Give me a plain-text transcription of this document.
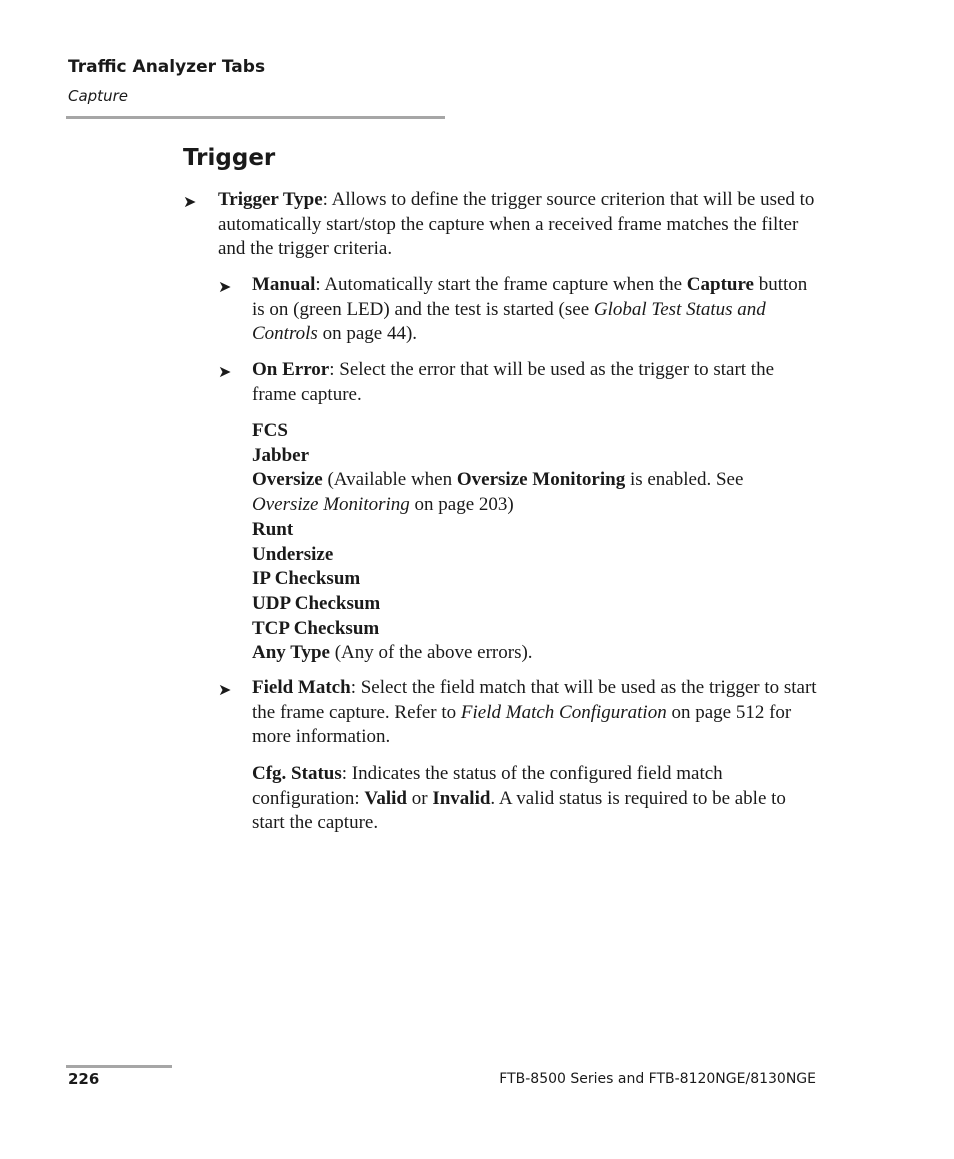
Traffic Analyzer Tabs
Capture
Trigger
➤ Trigger Type: Allows to define the trigger source criterion that will be used to automatically start/stop the capture when a received frame matches the filter and the trigger criteria.
➤ Manual: Automatically start the frame capture when the Capture button is on (green LED) and the test is started (see Global Test Status and Controls on page 44).
➤ On Error: Select the error that will be used as the trigger to start the frame capture.
FCS
Jabber
Oversize (Available when Oversize Monitoring is enabled. See Oversize Monitoring on page 203)
Runt
Undersize
IP Checksum
UDP Checksum
TCP Checksum
Any Type (Any of the above errors).
➤ Field Match: Select the field match that will be used as the trigger to start the frame capture. Refer to Field Match Configuration on page 512 for more information.
Cfg. Status: Indicates the status of the configured field match configuration: Valid or Invalid. A valid status is required to be able to start the capture.
226	FTB-8500 Series and FTB-8120NGE/8130NGE
